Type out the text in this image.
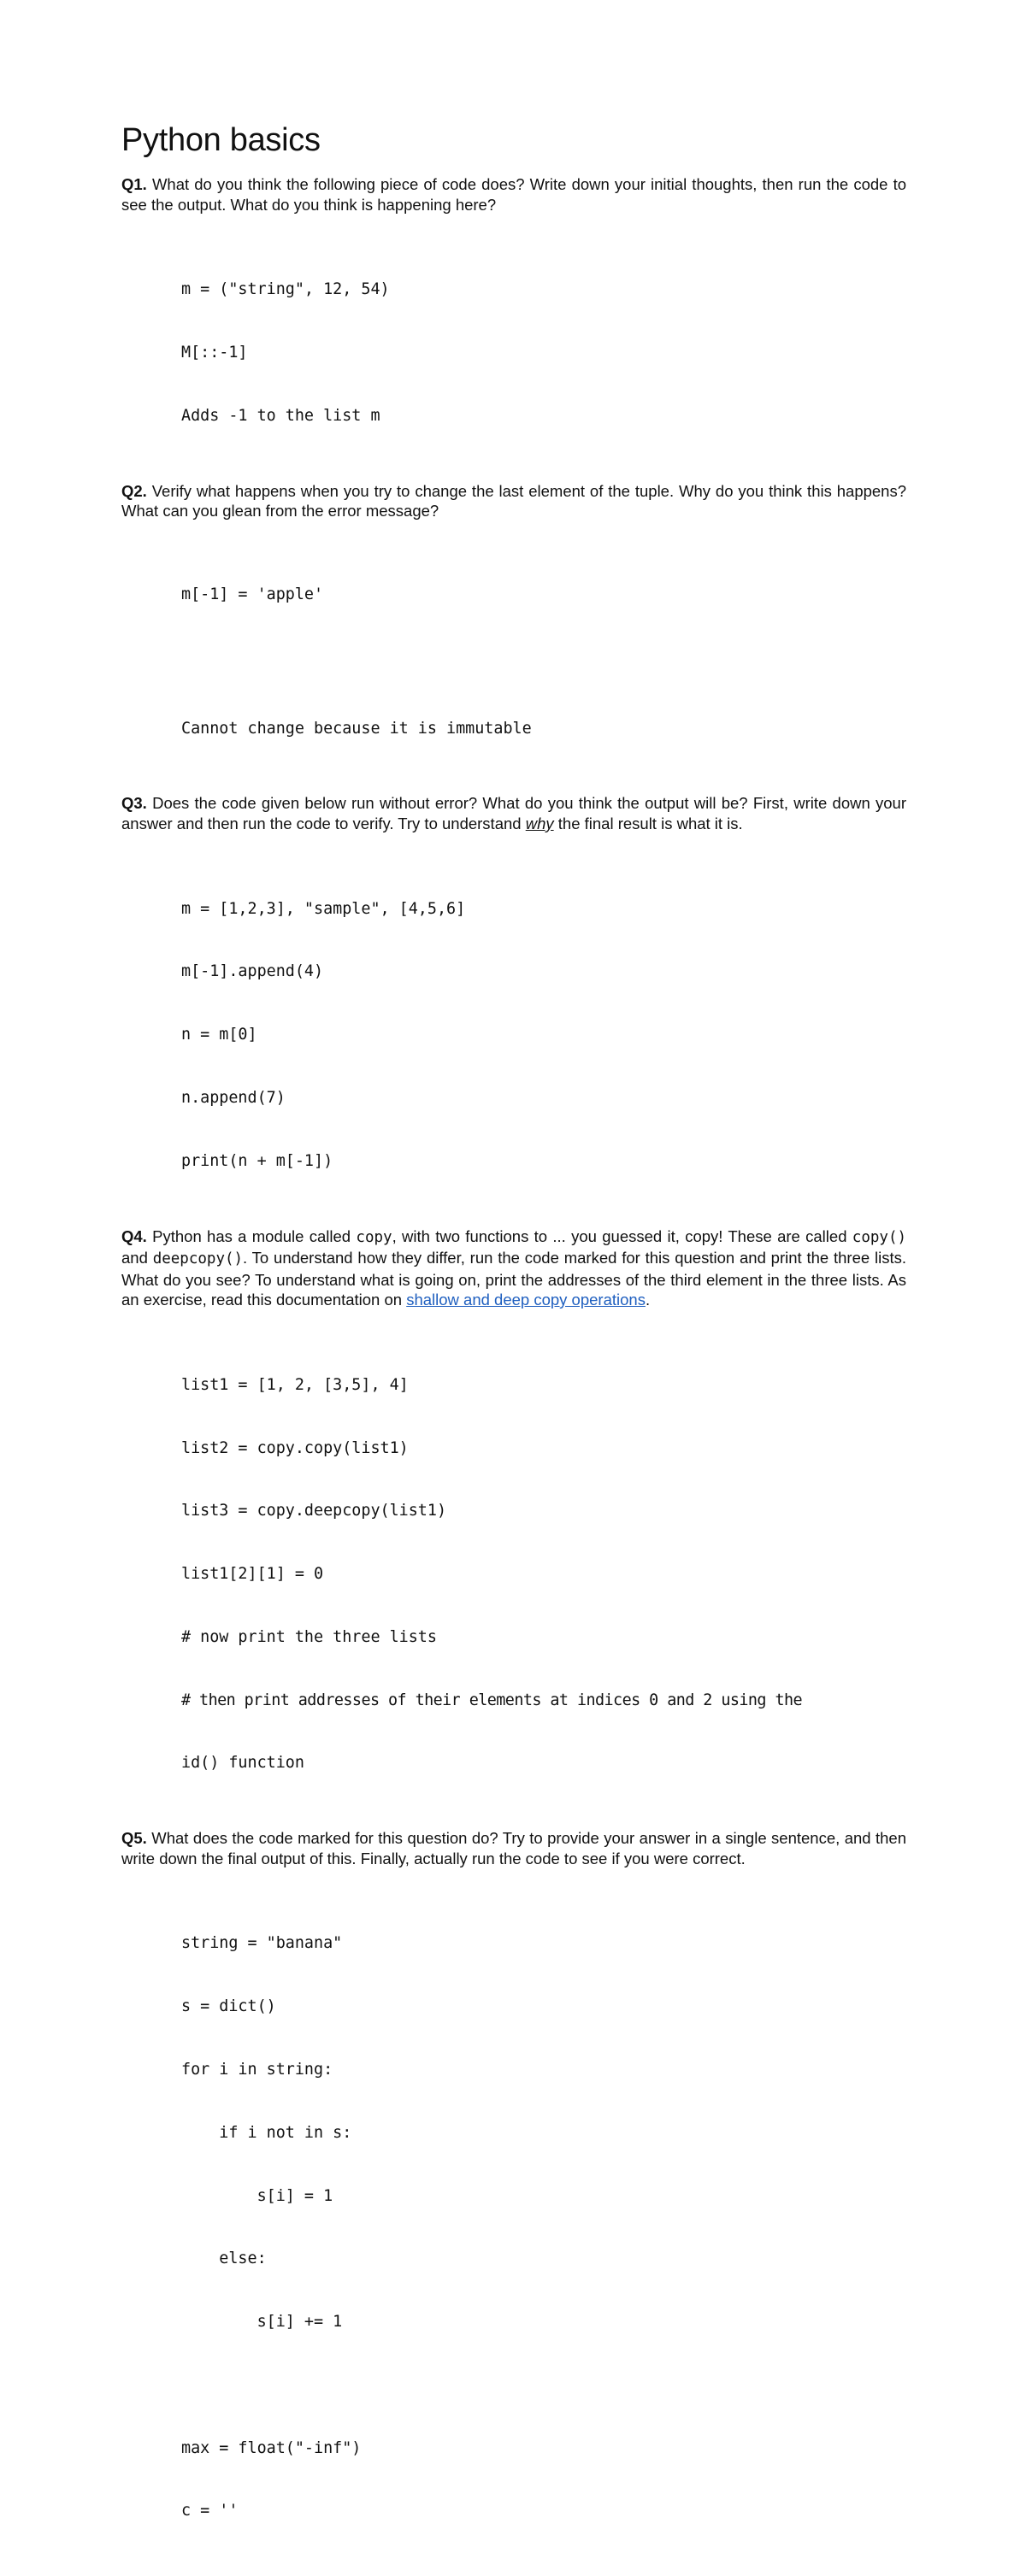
Python basics

Q1. What do you think the following piece of code does? Write down your initial thoughts, then run the code to see the output. What do you think is happening here?

m = ("string", 12, 54)

M[::-1]

Adds -1 to the list m

Q2. Verify what happens when you try to change the last element of the tuple. Why do you think this happens? What can you glean from the error message?

m[-1] = 'apple'

Cannot change because it is immutable

Q3. Does the code given below run without error? What do you think the output will be? First, write down your answer and then run the code to verify. Try to understand why the final result is what it is.

m = [1,2,3], "sample", [4,5,6]

m[-1].append(4)

n = m[0]

n.append(7)

print(n + m[-1])

Q4. Python has a module called copy, with two functions to ... you guessed it, copy! These are called copy() and deepcopy(). To understand how they differ, run the code marked for this question and print the three lists. What do you see? To understand what is going on, print the addresses of the third element in the three lists. As an exercise, read this documentation on shallow and deep copy operations.

list1 = [1, 2, [3,5], 4]

list2 = copy.copy(list1)

list3 = copy.deepcopy(list1)

list1[2][1] = 0

# now print the three lists

# then print addresses of their elements at indices 0 and 2 using the

id() function

Q5. What does the code marked for this question do? Try to provide your answer in a single sentence, and then write down the final output of this. Finally, actually run the code to see if you were correct.

string = "banana"

s = dict()

for i in string:

if i not in s:

s[i] = 1

else:

s[i] += 1

max = float("-inf")

c = ''
